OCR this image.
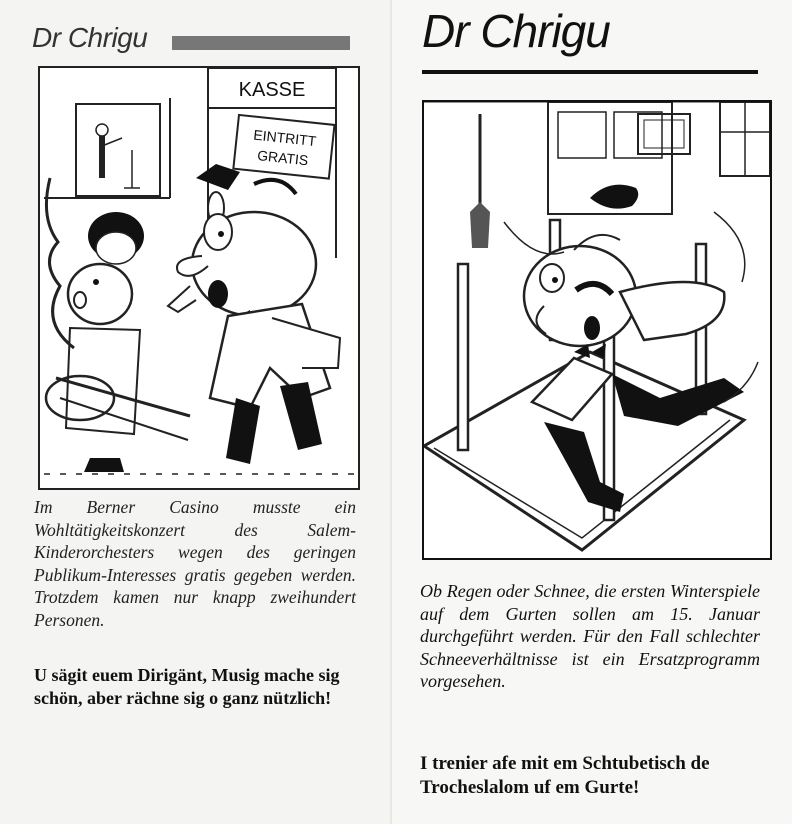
Dr Chrigu
KASSE
EINTRITT
GRATIS
Im Berner Casino musste ein Wohltätigkeitskonzert des Salem-Kinderorchesters wegen des geringen Publikum-Interesses gratis gegeben werden. Trotzdem kamen nur knapp zweihundert Personen.
U sägit euem Dirigänt, Musig mache sig schön, aber rächne sig o ganz nützlich!
Dr Chrigu
Ob Regen oder Schnee, die ersten Winterspiele auf dem Gurten sollen am 15. Januar durchgeführt werden. Für den Fall schlechter Schneeverhältnisse ist ein Ersatzprogramm vorgesehen.
I trenier afe mit em Schtubetisch de Trocheslalom uf em Gurte!
